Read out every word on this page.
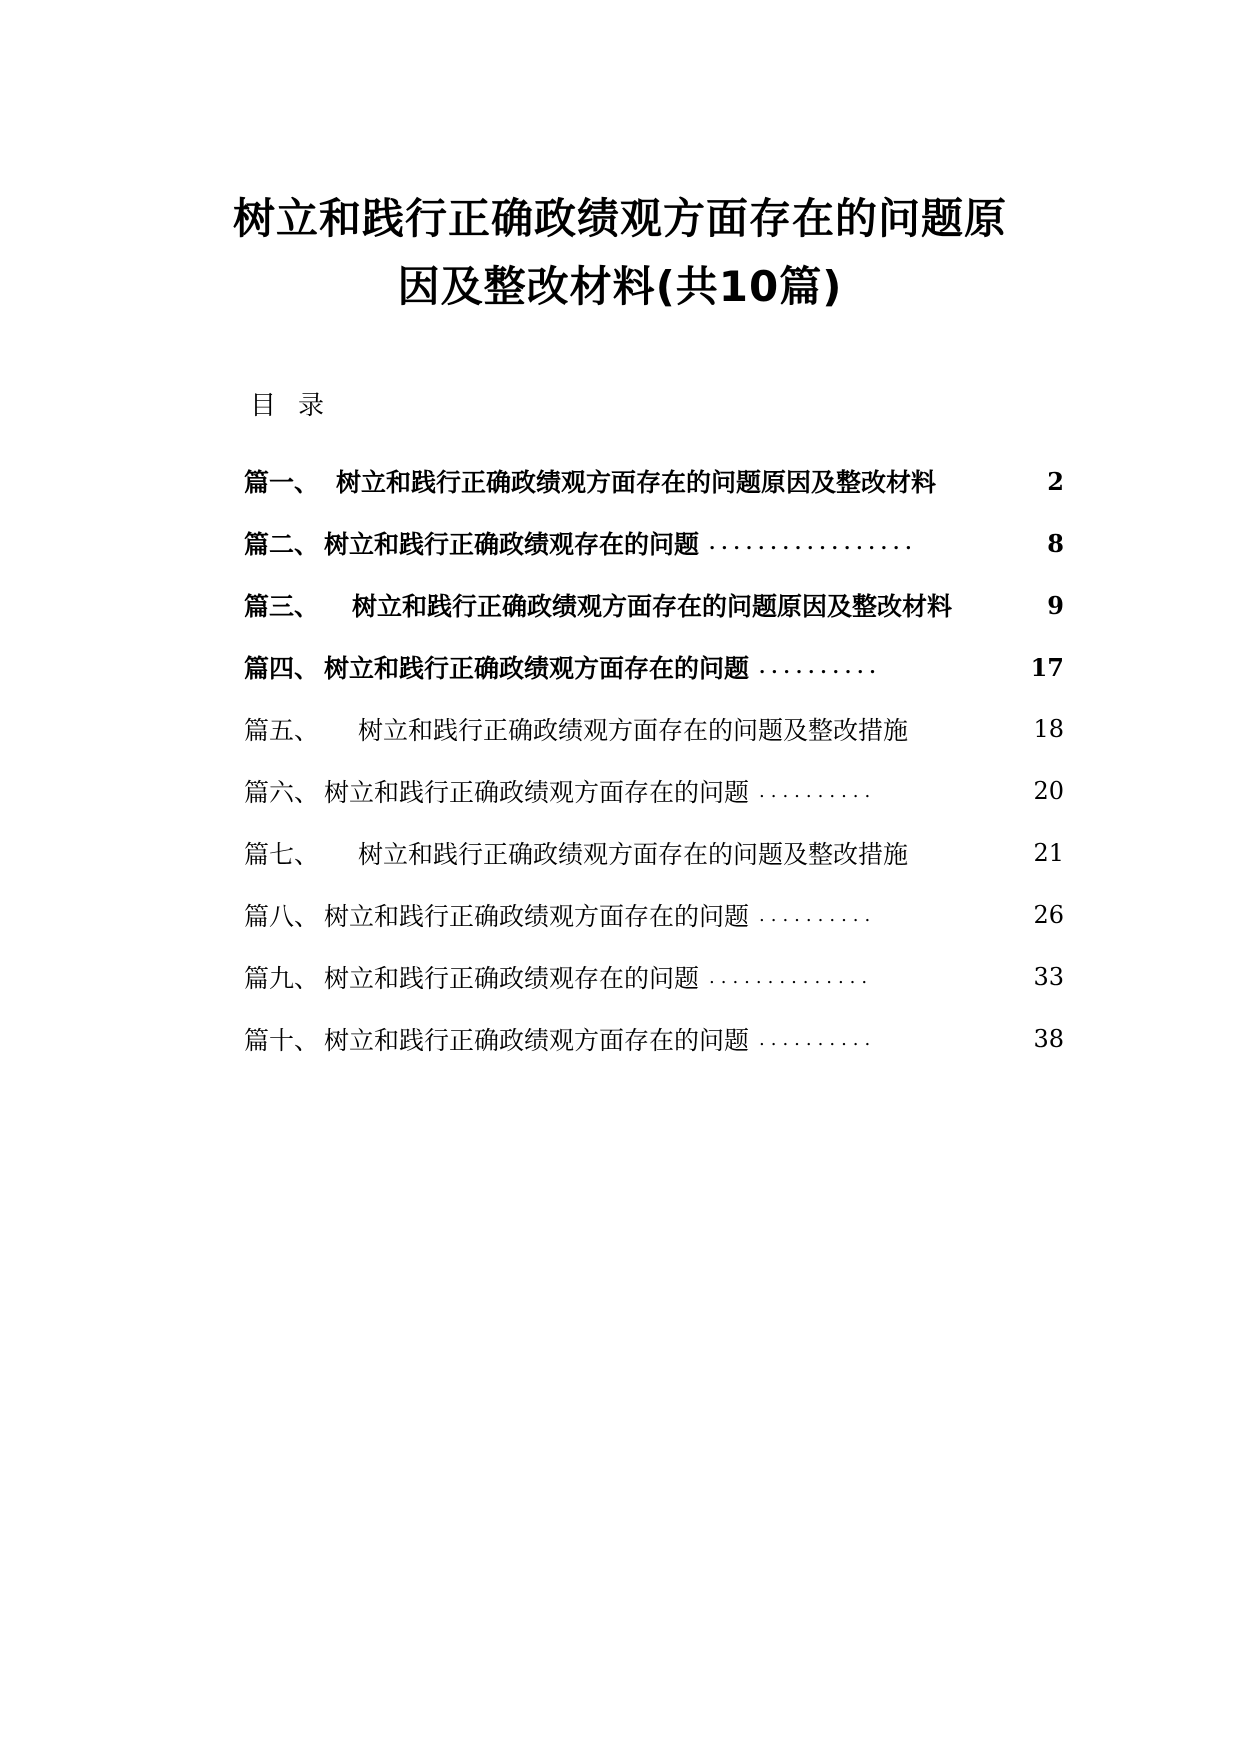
树立和践行正确政绩观方面存在的问题原
因及整改材料(共10篇)
目录
篇一、 树立和践行正确政绩观方面存在的问题原因及整改材料	2
篇二、 树立和践行正确政绩观存在的问题 .................	8
篇三、 树立和践行正确政绩观方面存在的问题原因及整改材料	9
篇四、 树立和践行正确政绩观方面存在的问题 ..........	17
篇五、 树立和践行正确政绩观方面存在的问题及整改措施	18
篇六、 树立和践行正确政绩观方面存在的问题 ..........	20
篇七、 树立和践行正确政绩观方面存在的问题及整改措施	21
篇八、 树立和践行正确政绩观方面存在的问题 ..........	26
篇九、 树立和践行正确政绩观存在的问题 ..............	33
篇十、 树立和践行正确政绩观方面存在的问题 ..........	38
